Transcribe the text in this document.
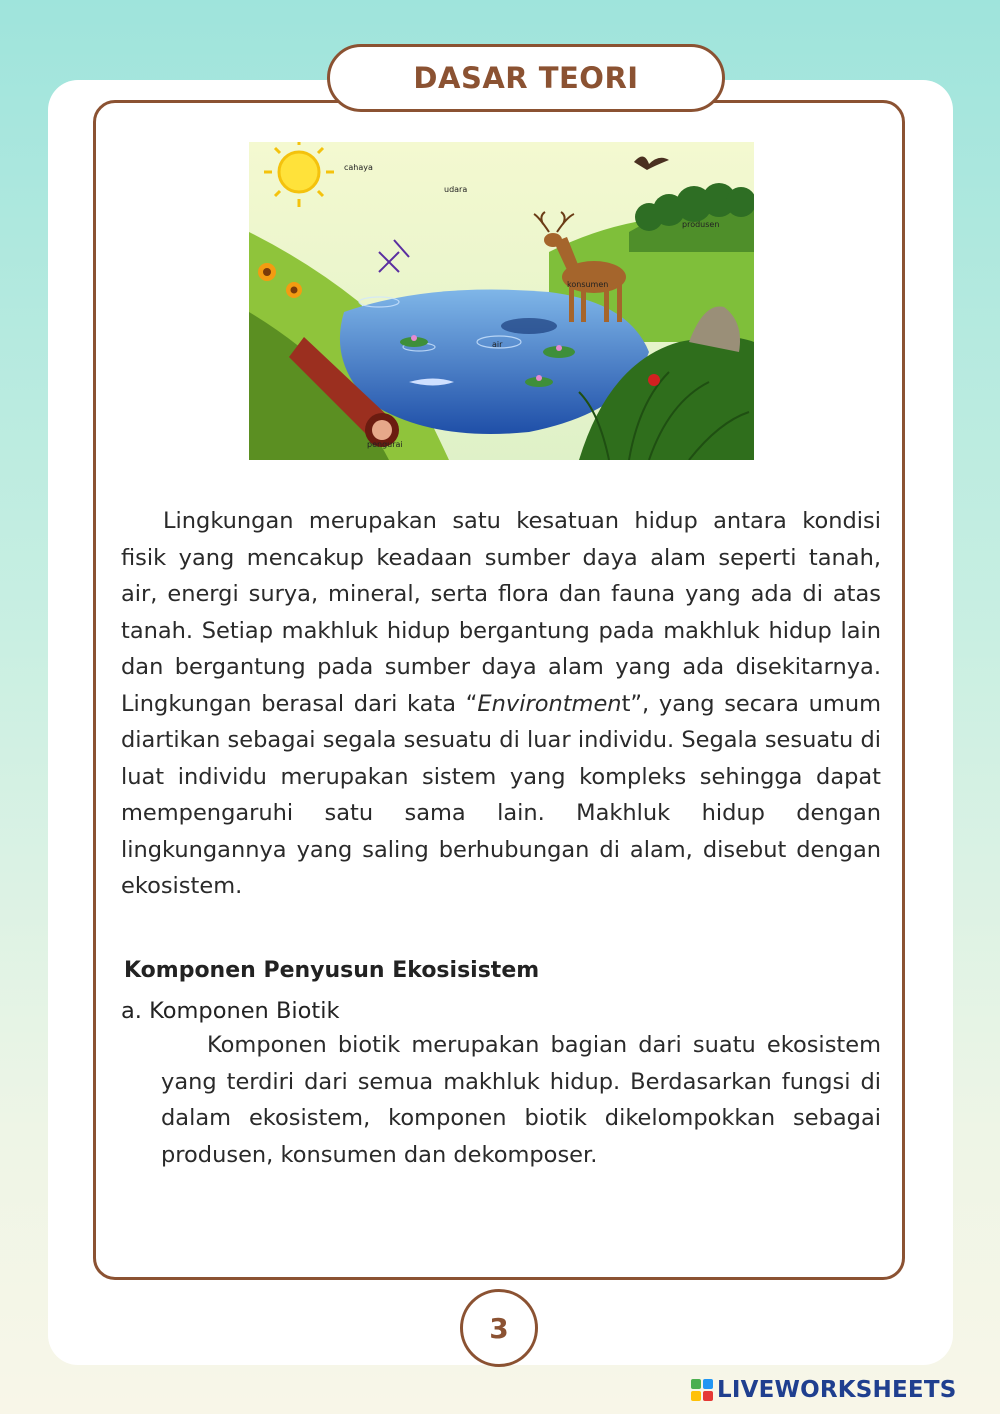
DASAR TEORI
cahaya
udara
produsen
konsumen
air
pengurai

Lingkungan merupakan satu kesatuan hidup antara kondisi fisik yang mencakup keadaan sumber daya alam seperti tanah, air, energi surya, mineral, serta flora dan fauna yang ada di atas tanah. Setiap makhluk hidup bergantung pada makhluk hidup lain dan bergantung pada sumber daya alam yang ada disekitarnya. Lingkungan berasal dari kata “Environtment”, yang secara umum diartikan sebagai segala sesuatu di luar individu. Segala sesuatu di luat individu merupakan sistem yang kompleks sehingga dapat mempengaruhi satu sama lain. Makhluk hidup dengan lingkungannya yang saling berhubungan di alam, disebut dengan ekosistem.

Komponen Penyusun Ekosisistem
a. Komponen Biotik

Komponen biotik merupakan bagian dari suatu ekosistem yang terdiri dari semua makhluk hidup. Berdasarkan fungsi di dalam ekosistem, komponen biotik dikelompokkan sebagai produsen, konsumen dan dekomposer.

3
LIVEWORKSHEETS
